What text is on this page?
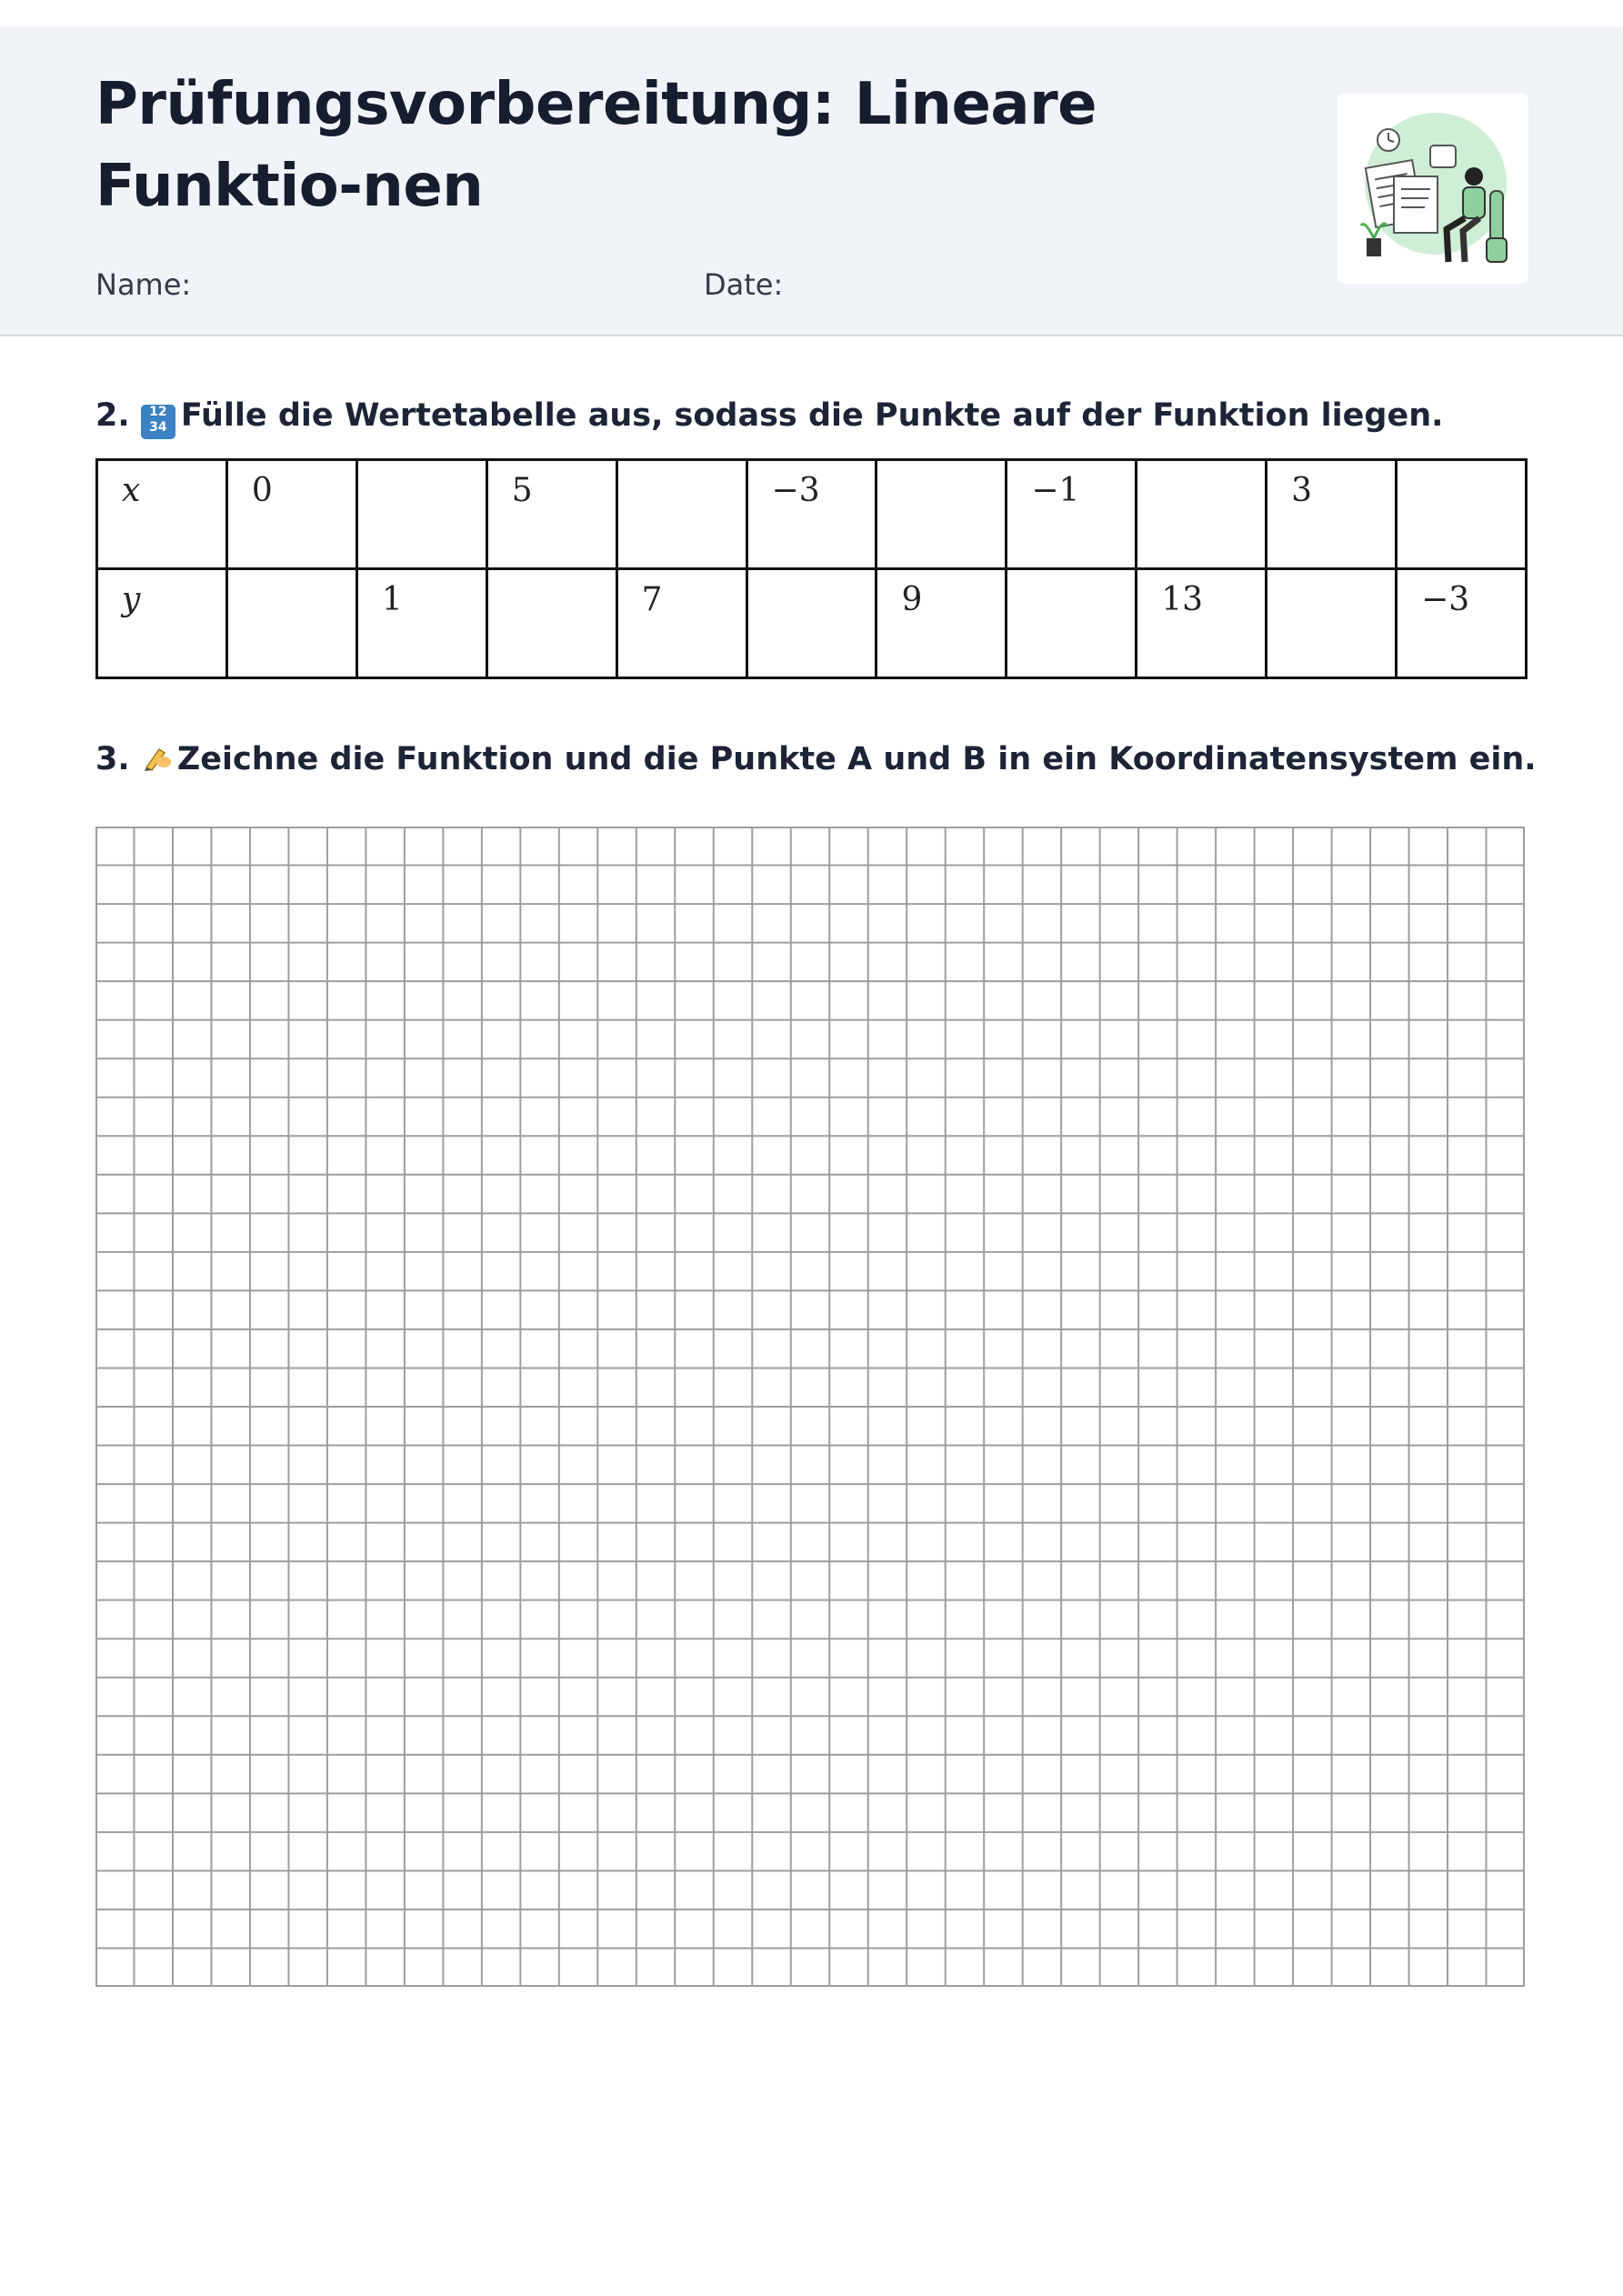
Prüfungsvorbereitung: Lineare Funktio-nen
Name:	Date:
2.	12
34 Fülle die Wertetabelle aus, sodass die Punkte auf der Funktion liegen.
x	0		5		−3		−1		3	
y		1		7		9		13		−3
3. Zeichne die Funktion und die Punkte A und B in ein Koordinatensystem ein.
